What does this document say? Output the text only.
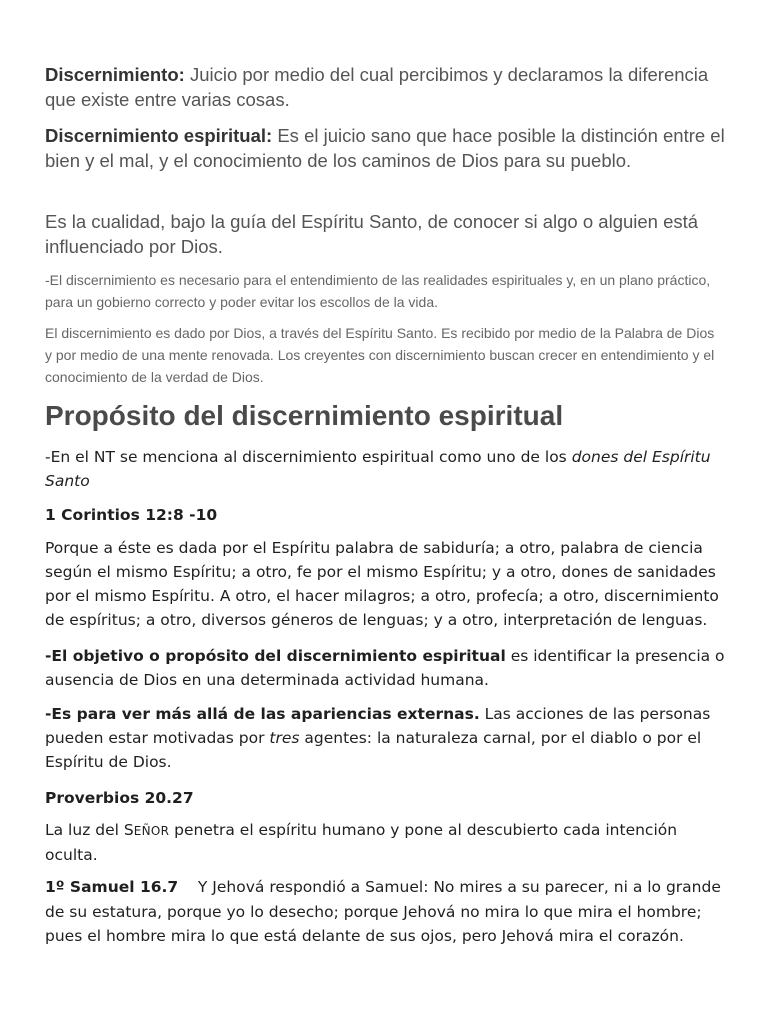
Discernimiento: Juicio por medio del cual percibimos y declaramos la diferencia que existe entre varias cosas.

Discernimiento espiritual: Es el juicio sano que hace posible la distinción entre el bien y el mal, y el conocimiento de los caminos de Dios para su pueblo.

Es la cualidad, bajo la guía del Espíritu Santo, de conocer si algo o alguien está influenciado por Dios.

-El discernimiento es necesario para el entendimiento de las realidades espirituales y, en un plano práctico, para un gobierno correcto y poder evitar los escollos de la vida.

El discernimiento es dado por Dios, a través del Espíritu Santo. Es recibido por medio de la Palabra de Dios y por medio de una mente renovada. Los creyentes con discernimiento buscan crecer en entendimiento y el conocimiento de la verdad de Dios.

Propósito del discernimiento espiritual

-En el NT se menciona al discernimiento espiritual como uno de los dones del Espíritu Santo

1 Corintios 12:8 -10

Porque a éste es dada por el Espíritu palabra de sabiduría; a otro, palabra de ciencia según el mismo Espíritu; a otro, fe por el mismo Espíritu; y a otro, dones de sanidades por el mismo Espíritu. A otro, el hacer milagros; a otro, profecía; a otro, discernimiento de espíritus; a otro, diversos géneros de lenguas; y a otro, interpretación de lenguas.

-El objetivo o propósito del discernimiento espiritual es identificar la presencia o ausencia de Dios en una determinada actividad humana.

-Es para ver más allá de las apariencias externas. Las acciones de las personas pueden estar motivadas por tres agentes: la naturaleza carnal, por el diablo o por el Espíritu de Dios.

Proverbios 20.27

La luz del SEÑOR penetra el espíritu humano y pone al descubierto cada intención oculta.

1º Samuel 16.7    Y Jehová respondió a Samuel: No mires a su parecer, ni a lo grande de su estatura, porque yo lo desecho; porque Jehová no mira lo que mira el hombre; pues el hombre mira lo que está delante de sus ojos, pero Jehová mira el corazón.
